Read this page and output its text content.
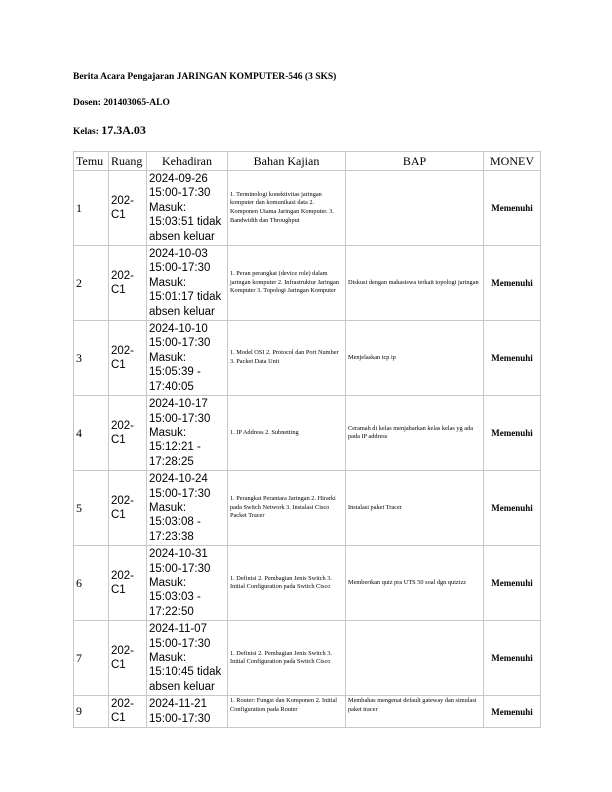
Berita Acara Pengajaran JARINGAN KOMPUTER-546 (3 SKS)
Dosen: 201403065-ALO
Kelas: 17.3A.03
Temu	Ruang	Kehadiran	Bahan Kajian	BAP	MONEV
1	202-C1	2024-09-26
15:00-17:30
Masuk:
15:03:51 tidak absen keluar	1. Terminologi konektivitas jaringan komputer dan komunikasi data 2. Komponen Utama Jaringan Komputer. 3. Bandwidth dan Throughput		Memenuhi
2	202-C1	2024-10-03
15:00-17:30
Masuk:
15:01:17 tidak absen keluar	1. Peran perangkat (device role) dalam jaringan komputer 2. Infrastruktur Jaringan Komputer 3. Topologi Jaringan Komputer	Diskusi dengan mahasiswa terkait topologi jaringan	Memenuhi
3	202-C1	2024-10-10
15:00-17:30
Masuk:
15:05:39 - 17:40:05	1. Model OSI 2. Protocol dan Port Number 3. Packet Data Unit	Menjelaskan tcp ip	Memenuhi
4	202-C1	2024-10-17
15:00-17:30
Masuk:
15:12:21 - 17:28:25	1. IP Address 2. Subnetting	Ceramah di kelas menjabarkan kelas kelas yg ada pada IP address	Memenuhi
5	202-C1	2024-10-24
15:00-17:30
Masuk:
15:03:08 - 17:23:38	1. Perangkat Perantara Jaringan 2. Hirarki pada Switch Network 3. Instalasi Cisco Packet Tracer	Instalasi paket Tracer	Memenuhi
6	202-C1	2024-10-31
15:00-17:30
Masuk:
15:03:03 - 17:22:50	1. Definisi 2. Pembagian Jenis Switch 3. Initial Configuration pada Switch Cisco	Memberikan quiz pra UTS 50 soal dgn quizizz	Memenuhi
7	202-C1	2024-11-07
15:00-17:30
Masuk:
15:10:45 tidak absen keluar	1. Definisi 2. Pembagian Jenis Switch 3. Initial Configuration pada Switch Cisco		Memenuhi
9	202-C1	2024-11-21
15:00-17:30	1. Router: Fungsi dan Komponen 2. Initial Configuration pada Router	Membahas mengenai default gateway dan simulasi paket tracer	Memenuhi
